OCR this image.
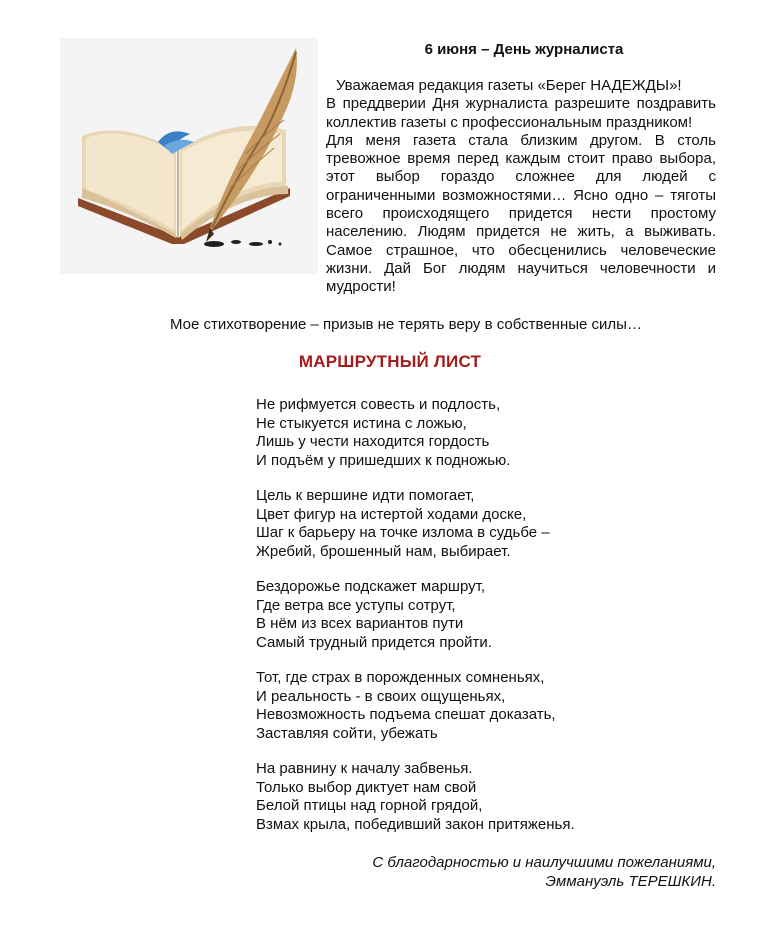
6 июня – День журналиста

Уважаемая редакция газеты «Берег НАДЕЖДЫ»!

В преддверии Дня журналиста разрешите поздравить коллектив газеты с профессиональным праздником!

Для меня газета стала близким другом. В столь тревожное время перед каждым стоит право выбора, этот выбор гораздо сложнее для людей с ограниченными возможностями… Ясно одно – тяготы всего происходящего придется нести простому населению. Людям придется не жить, а выживать. Самое страшное, что обесценились человеческие жизни. Дай Бог людям научиться человечности и мудрости!

Мое стихотворение – призыв не терять веру в собственные силы…

МАРШРУТНЫЙ ЛИСТ
Не рифмуется совесть и подлость,
Не стыкуется истина с ложью,
Лишь у чести находится гордость
И подъём у пришедших к подножью.
Цель к вершине идти помогает,
Цвет фигур на истертой ходами доске,
Шаг к барьеру на точке излома в судьбе –
Жребий, брошенный нам, выбирает.
Бездорожье подскажет маршрут,
Где ветра все уступы сотрут,
В нём из всех вариантов пути
Самый трудный придется пройти.
Тот, где страх в порожденных сомненьях,
И реальность - в своих ощущеньях,
Невозможность подъема спешат доказать,
Заставляя сойти, убежать
На равнину к началу забвенья.
Только выбор диктует нам свой
Белой птицы над горной грядой,
Взмах крыла, победивший закон притяженья.
С благодарностью и наилучшими пожеланиями,
Эммануэль ТЕРЕШКИН.
